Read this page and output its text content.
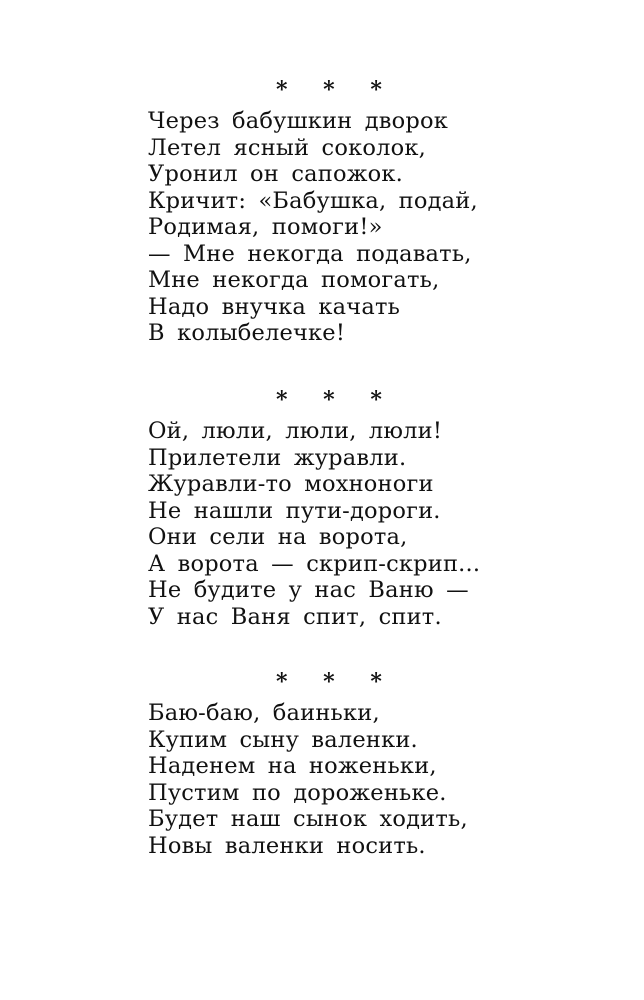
* * *
Через бабушкин дворок
Летел ясный соколок,
Уронил он сапожок.
Кричит: «Бабушка, подай,
Родимая, помоги!»
— Мне некогда подавать,
Мне некогда помогать,
Надо внучка качать
В колыбелечке!
* * *
Ой, люли, люли, люли!
Прилетели журавли.
Журавли-то мохноноги
Не нашли пути-дороги.
Они сели на ворота,
А ворота — скрип-скрип...
Не будите у нас Ваню —
У нас Ваня спит, спит.
* * *
Баю-баю, баиньки,
Купим сыну валенки.
Наденем на ноженьки,
Пустим по дороженьке.
Будет наш сынок ходить,
Новы валенки носить.
